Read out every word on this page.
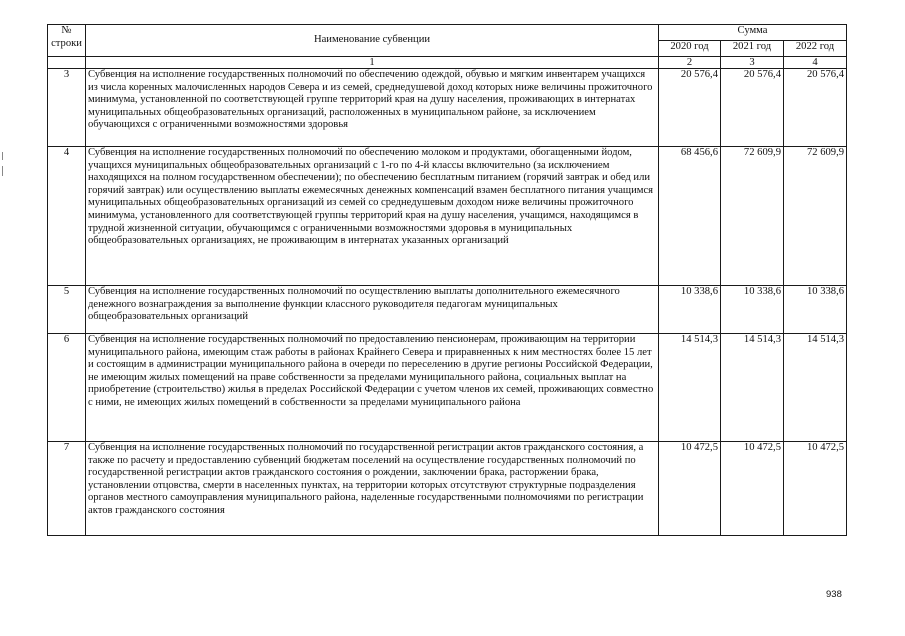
№
строки	Наименование субвенции	Сумма		
		2020 год	2021 год	2022 год
	1	2	3	4
3	Субвенция на исполнение государственных полномочий по обеспечению одеждой, обувью и мягким инвентарем учащихся из числа коренных малочисленных народов Севера и из семей, среднедушевой доход которых ниже величины прожиточного минимума, установленной по соответствующей группе территорий края на душу населения, проживающих в интернатах муниципальных общеобразовательных организаций, расположенных в муниципальном районе, за исключением обучающихся с ограниченными возможностями здоровья	20 576,4	20 576,4	20 576,4
4	Субвенция на исполнение государственных полномочий по обеспечению молоком и продуктами, обогащенными йодом, учащихся муниципальных общеобразовательных организаций с 1-го по 4-й классы включительно (за исключением находящихся на полном государственном обеспечении); по обеспечению бесплатным питанием (горячий завтрак и обед или горячий завтрак) или осуществлению выплаты ежемесячных денежных компенсаций взамен бесплатного питания учащимся муниципальных общеобразовательных организаций из семей со среднедушевым доходом ниже величины прожиточного минимума, установленного для соответствующей группы территорий края на душу населения, учащимся, находящимся в трудной жизненной ситуации, обучающимся с ограниченными возможностями здоровья в муниципальных общеобразовательных организациях, не проживающим в интернатах указанных организаций	68 456,6	72 609,9	72 609,9
5	Субвенция на исполнение государственных полномочий по осуществлению выплаты дополнительного ежемесячного денежного вознаграждения за выполнение функции классного руководителя педагогам муниципальных общеобразовательных организаций	10 338,6	10 338,6	10 338,6
6	Субвенция на исполнение государственных полномочий по предоставлению пенсионерам, проживающим на территории муниципального района, имеющим стаж работы в районах Крайнего Севера и приравненных к ним местностях более 15 лет и состоящим в администрации муниципального района в очереди по переселению в другие регионы Российской Федерации, не имеющим жилых помещений на праве собственности за пределами муниципального района, социальных выплат на приобретение (строительство) жилья в пределах Российской Федерации с учетом членов их семей, проживающих совместно с ними, не имеющих жилых помещений в собственности за пределами муниципального района	14 514,3	14 514,3	14 514,3
7	Субвенция на исполнение государственных полномочий по государственной регистрации актов гражданского состояния, а также по расчету и предоставлению субвенций бюджетам поселений на осуществление государственных полномочий по государственной регистрации актов гражданского состояния о рождении, заключении брака, расторжении брака, установлении отцовства, смерти в населенных пунктах, на территории которых отсутствуют структурные подразделения органов местного самоуправления муниципального района, наделенные государственными полномочиями по регистрации актов гражданского состояния	10 472,5	10 472,5	10 472,5
938
